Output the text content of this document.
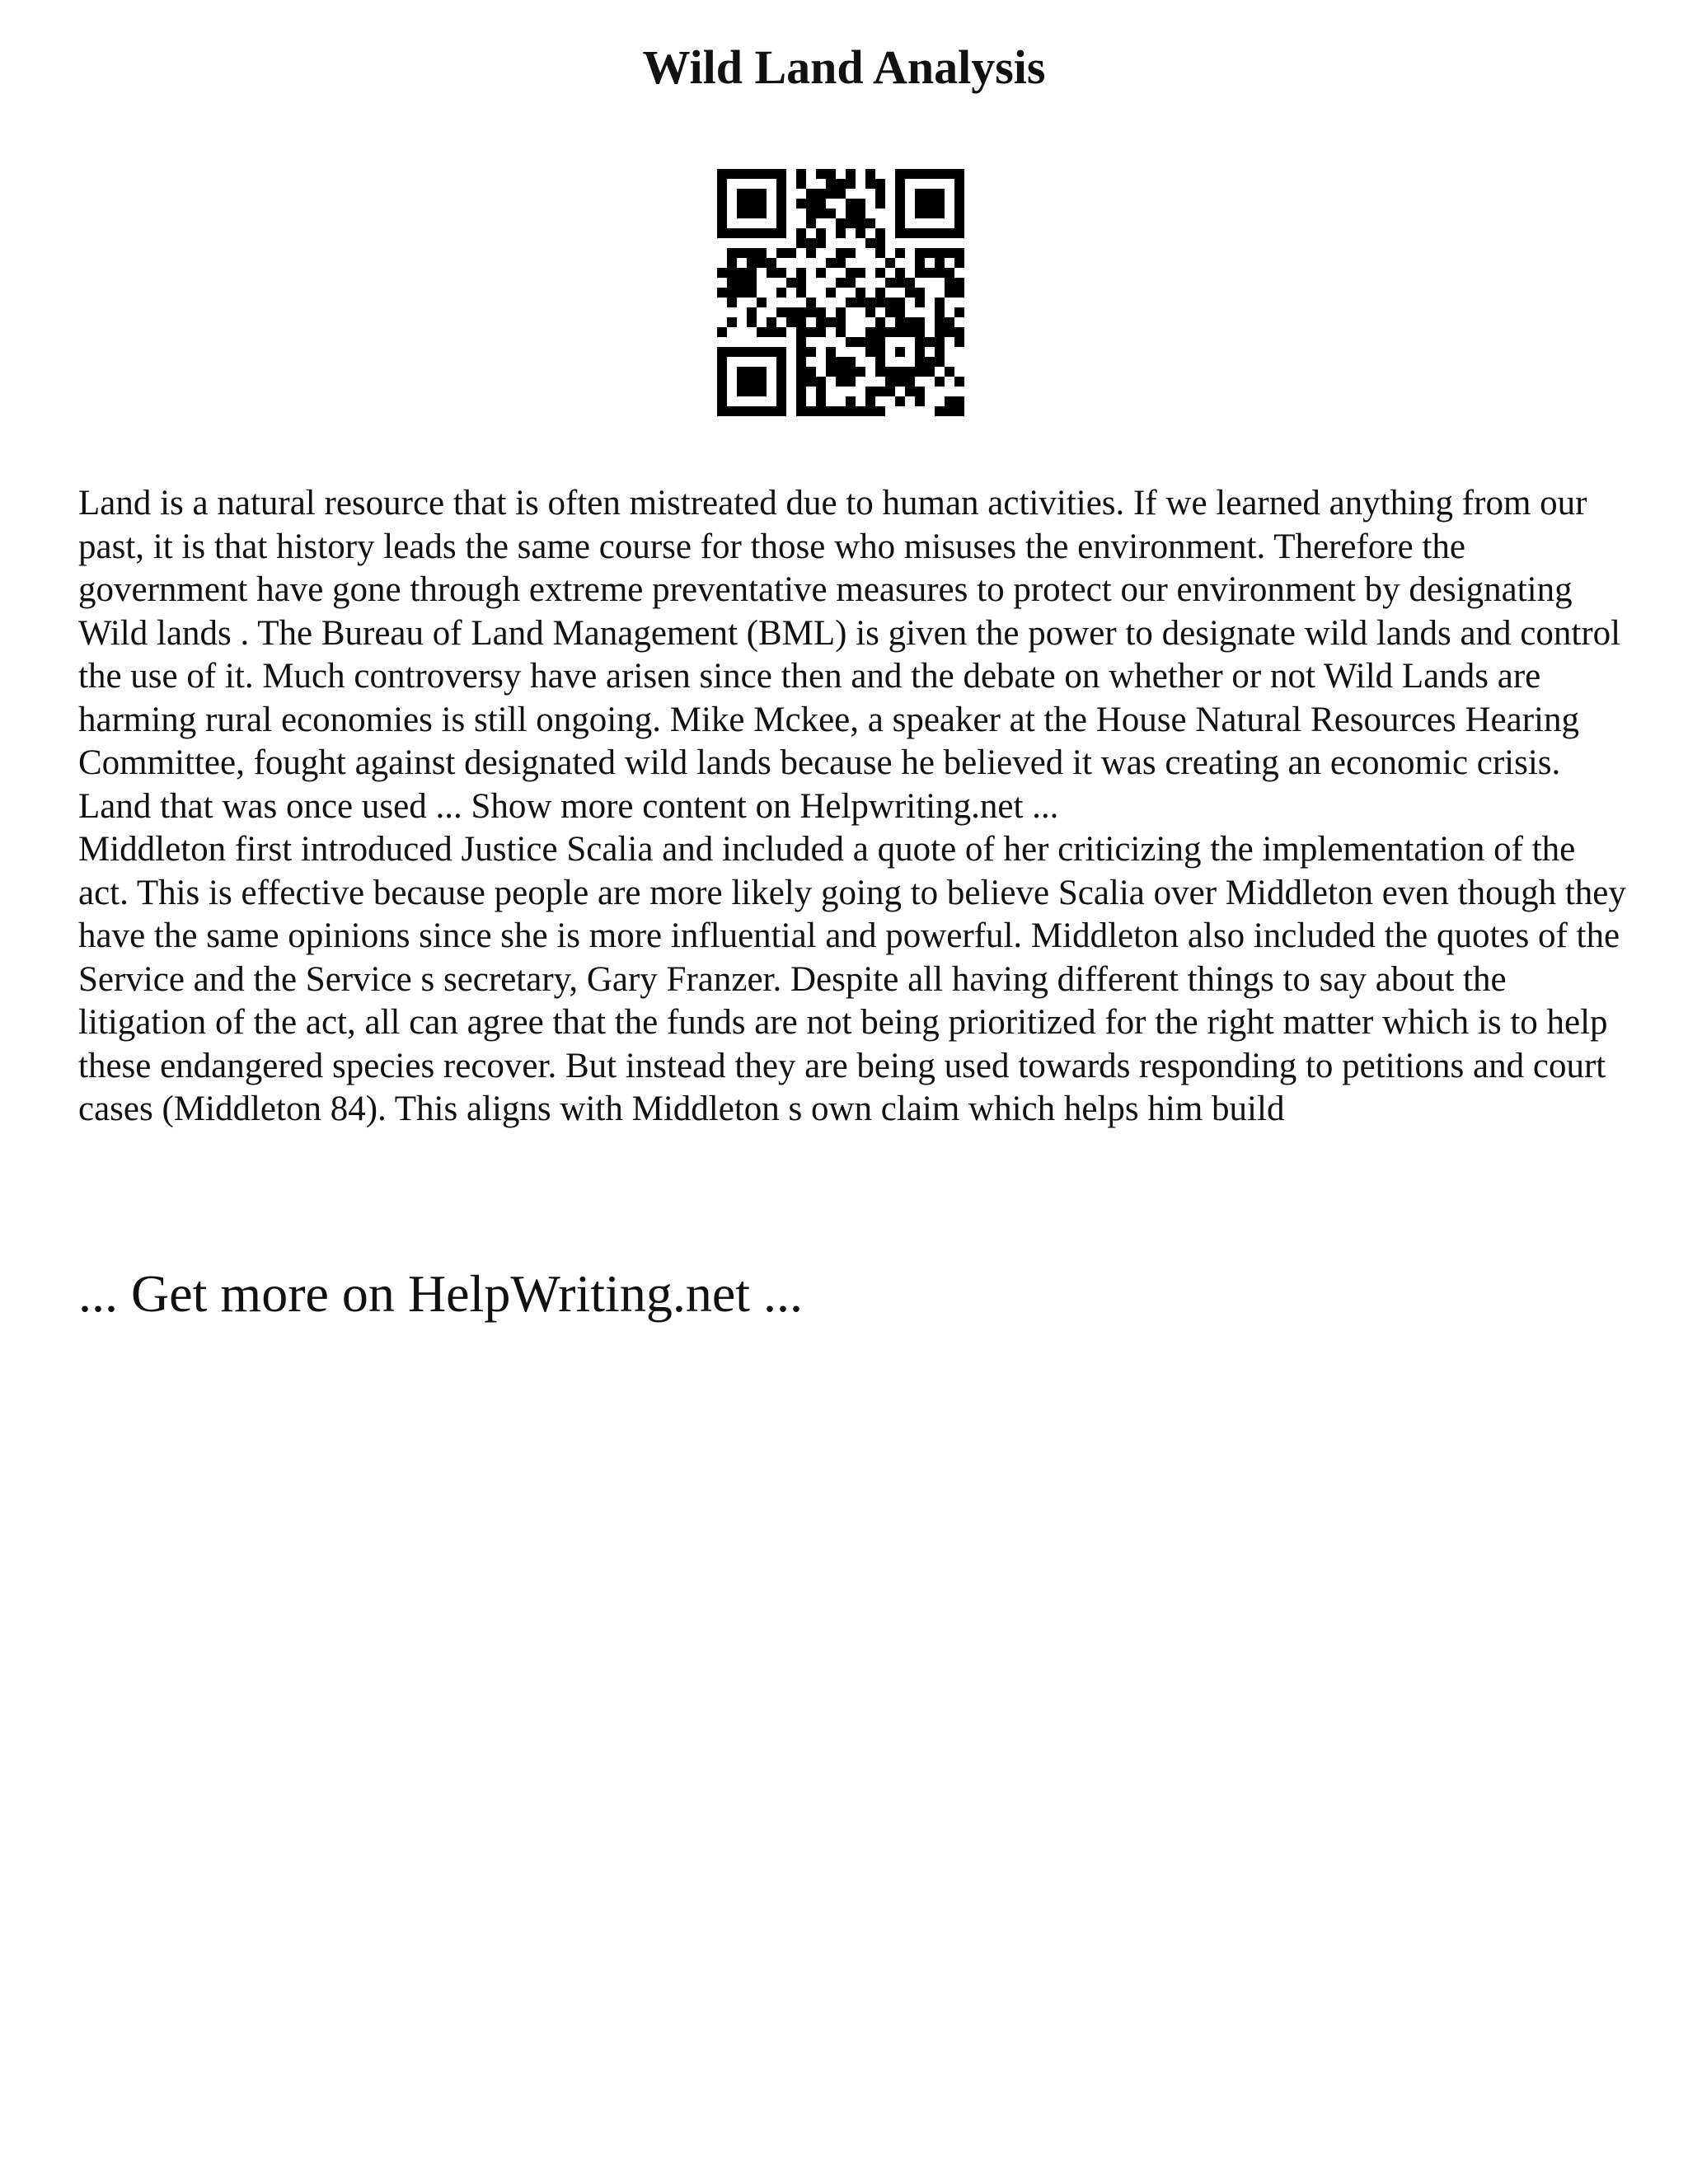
Wild Land Analysis

Land is a natural resource that is often mistreated due to human activities. If we learned anything from our past, it is that history leads the same course for those who misuses the environment. Therefore the government have gone through extreme preventative measures to protect our environment by designating Wild lands . The Bureau of Land Management (BML) is given the power to designate wild lands and control the use of it. Much controversy have arisen since then and the debate on whether or not Wild Lands are harming rural economies is still ongoing. Mike Mckee, a speaker at the House Natural Resources Hearing Committee, fought against designated wild lands because he believed it was creating an economic crisis. Land that was once used ... Show more content on Helpwriting.net ...

Middleton first introduced Justice Scalia and included a quote of her criticizing the implementation of the act. This is effective because people are more likely going to believe Scalia over Middleton even though they have the same opinions since she is more influential and powerful. Middleton also included the quotes of the Service and the Service s secretary, Gary Franzer. Despite all having different things to say about the litigation of the act, all can agree that the funds are not being prioritized for the right matter which is to help these endangered species recover. But instead they are being used towards responding to petitions and court cases (Middleton 84). This aligns with Middleton s own claim which helps him build

... Get more on HelpWriting.net ...
